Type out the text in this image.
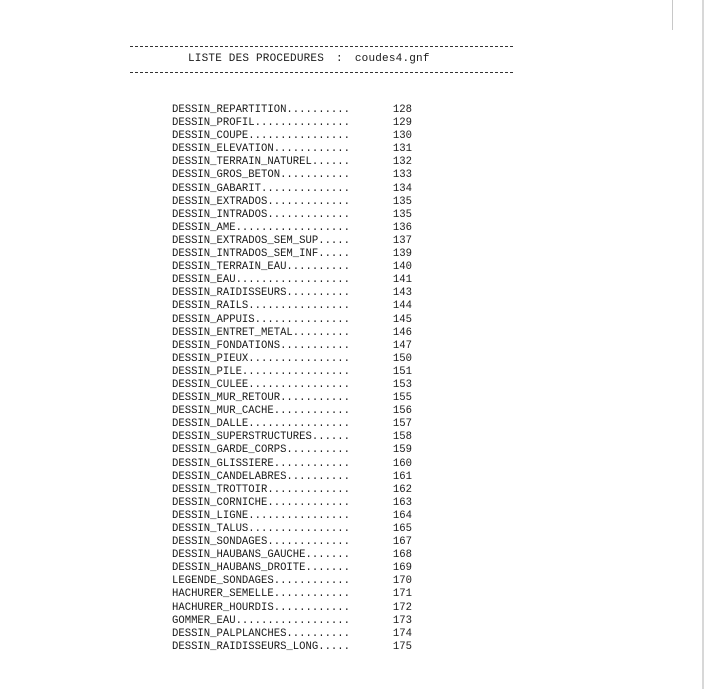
LISTE DES PROCEDURES : coudes4.gnf
DESSIN_REPARTITION..........	128
DESSIN_PROFIL...............	129
DESSIN_COUPE................	130
DESSIN_ELEVATION............	131
DESSIN_TERRAIN_NATUREL......	132
DESSIN_GROS_BETON...........	133
DESSIN_GABARIT..............	134
DESSIN_EXTRADOS.............	135
DESSIN_INTRADOS.............	135
DESSIN_AME..................	136
DESSIN_EXTRADOS_SEM_SUP.....	137
DESSIN_INTRADOS_SEM_INF.....	139
DESSIN_TERRAIN_EAU..........	140
DESSIN_EAU..................	141
DESSIN_RAIDISSEURS..........	143
DESSIN_RAILS................	144
DESSIN_APPUIS...............	145
DESSIN_ENTRET_METAL.........	146
DESSIN_FONDATIONS...........	147
DESSIN_PIEUX................	150
DESSIN_PILE.................	151
DESSIN_CULEE................	153
DESSIN_MUR_RETOUR...........	155
DESSIN_MUR_CACHE............	156
DESSIN_DALLE................	157
DESSIN_SUPERSTRUCTURES......	158
DESSIN_GARDE_CORPS..........	159
DESSIN_GLISSIERE............	160
DESSIN_CANDELABRES..........	161
DESSIN_TROTTOIR.............	162
DESSIN_CORNICHE.............	163
DESSIN_LIGNE................	164
DESSIN_TALUS................	165
DESSIN_SONDAGES.............	167
DESSIN_HAUBANS_GAUCHE.......	168
DESSIN_HAUBANS_DROITE.......	169
LEGENDE_SONDAGES............	170
HACHURER_SEMELLE............	171
HACHURER_HOURDIS............	172
GOMMER_EAU..................	173
DESSIN_PALPLANCHES..........	174
DESSIN_RAIDISSEURS_LONG.....	175
